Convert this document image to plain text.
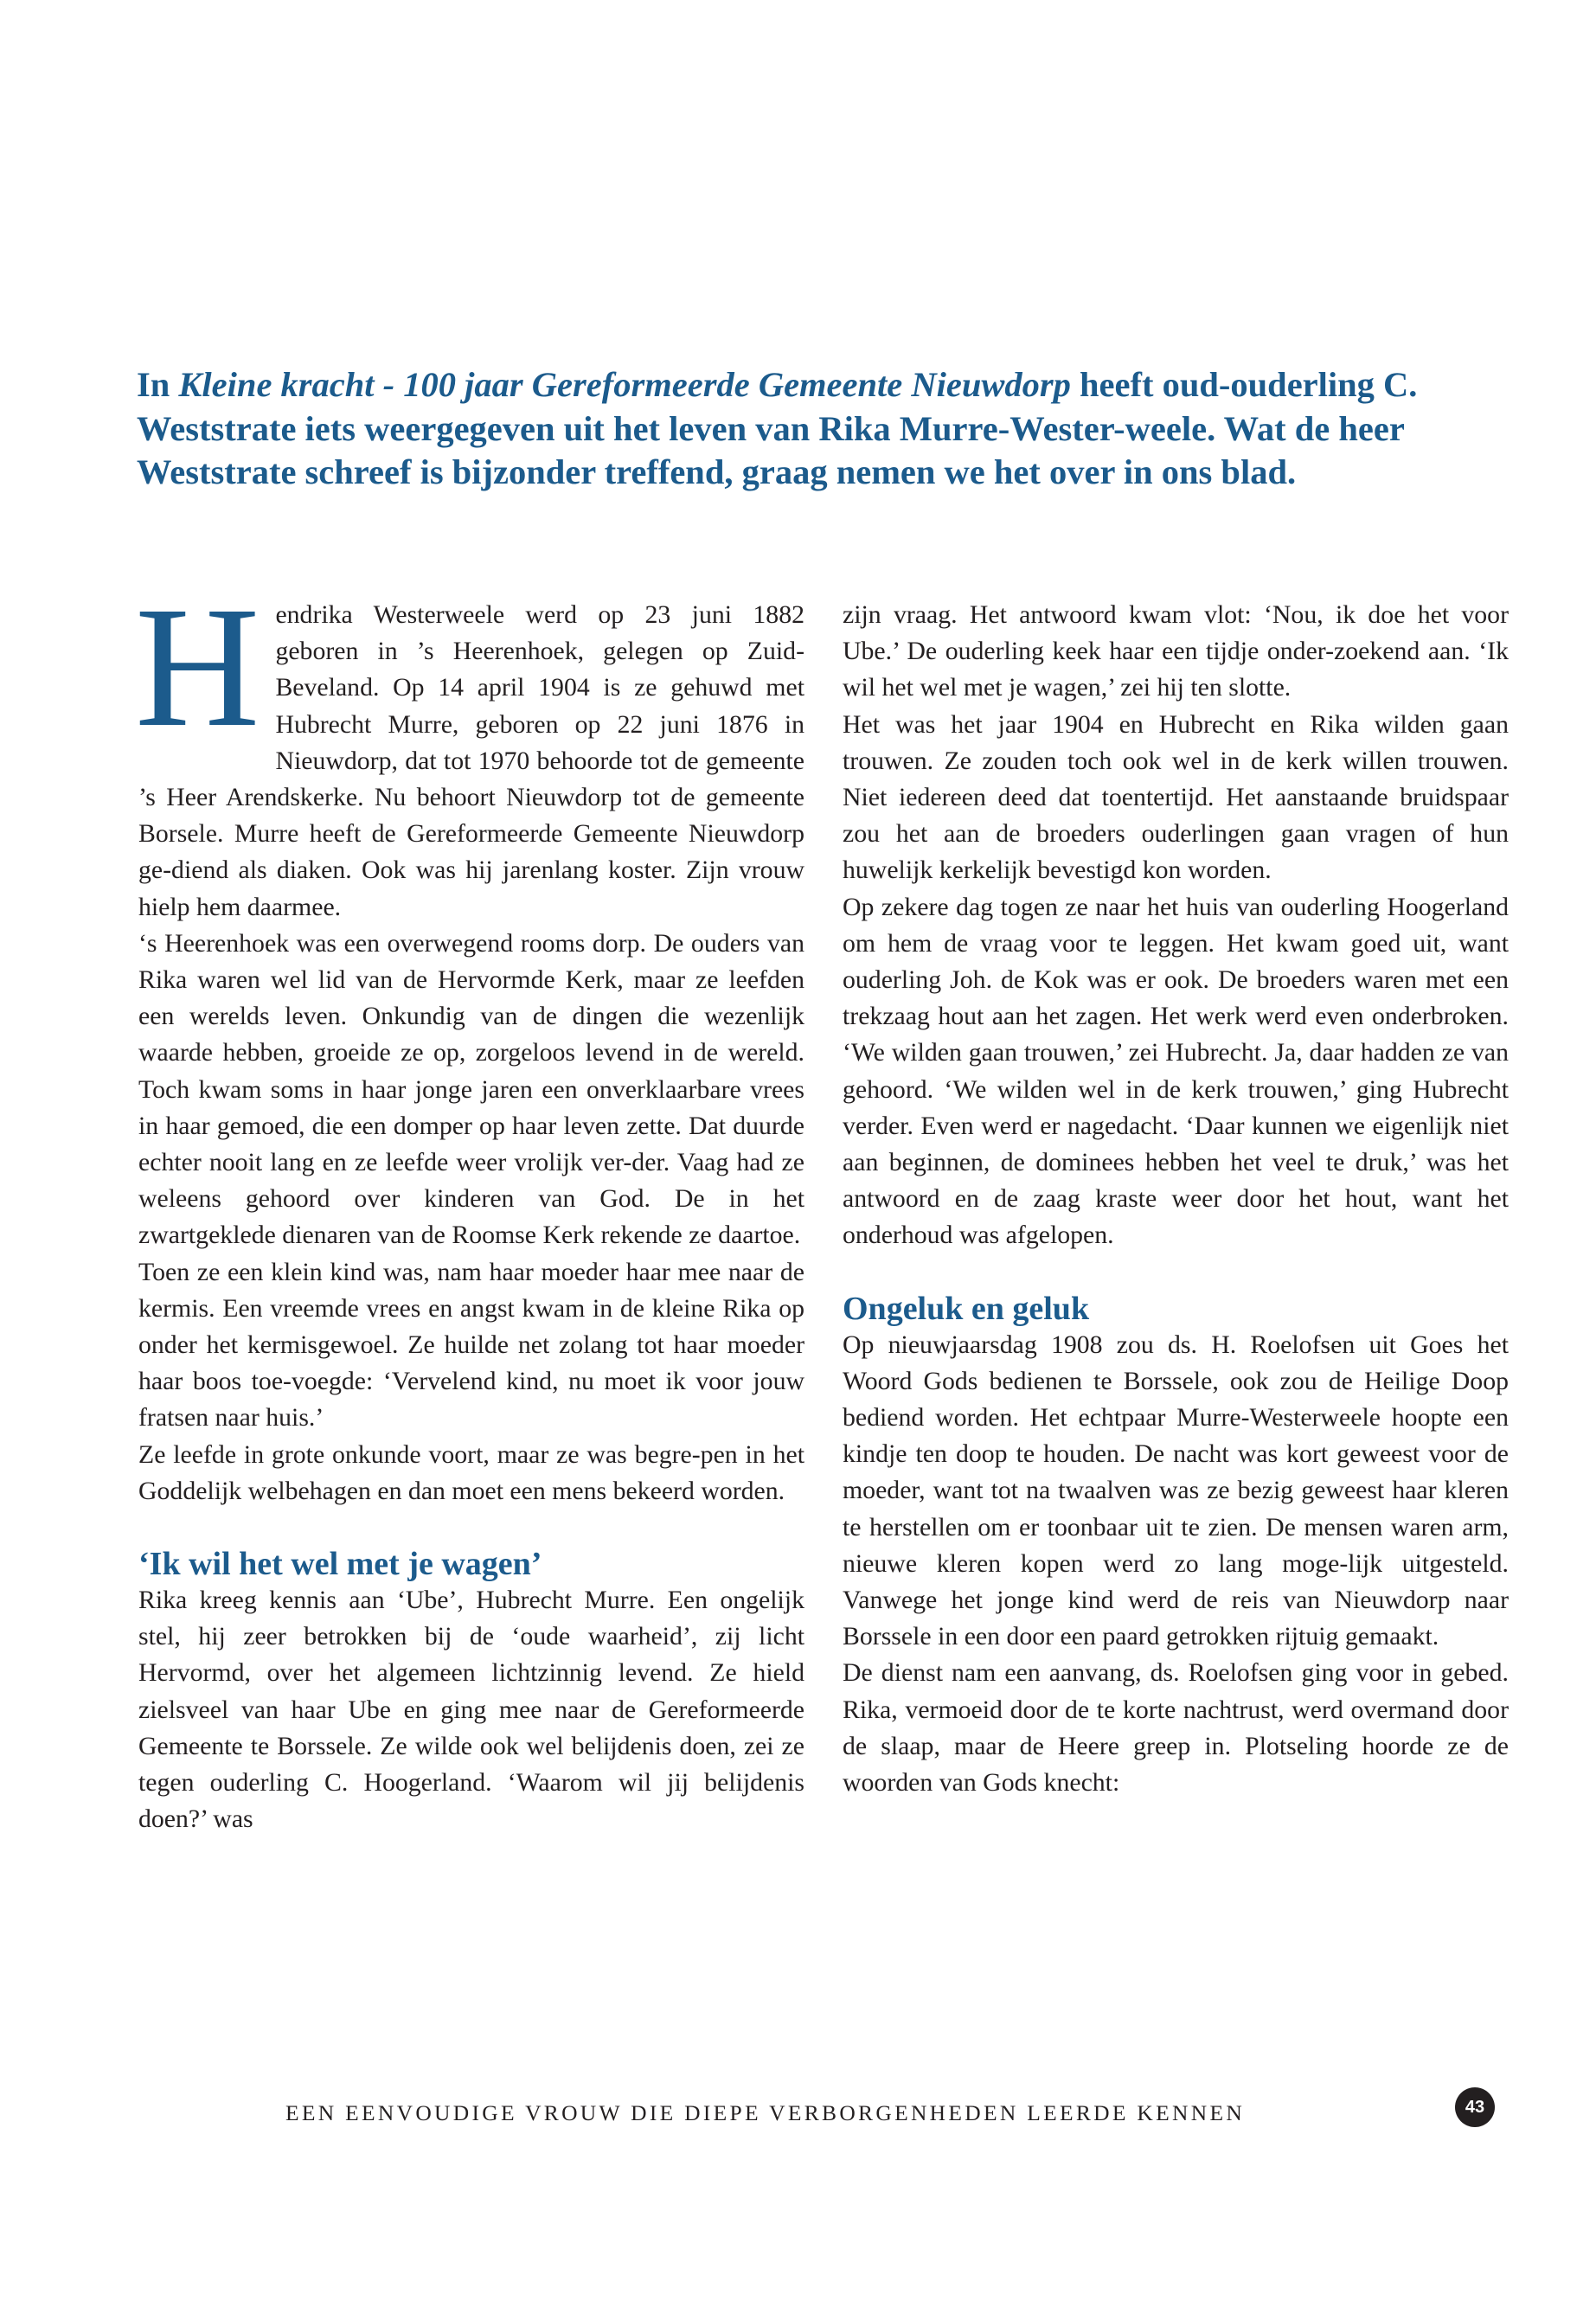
In Kleine kracht - 100 jaar Gereformeerde Gemeente Nieuwdorp heeft oud-ouderling C. Weststrate iets weergegeven uit het leven van Rika Murre-Wester-weele. Wat de heer Weststrate schreef is bijzonder treffend, graag nemen we het over in ons blad.

H endrika Westerweele werd op 23 juni 1882 geboren in ’s Heerenhoek, gelegen op Zuid-Beveland. Op 14 april 1904 is ze gehuwd met Hubrecht Murre, geboren op 22 juni 1876 in Nieuwdorp, dat tot 1970 behoorde tot de gemeente ’s Heer Arendskerke. Nu behoort Nieuwdorp tot de gemeente Borsele. Murre heeft de Gereformeerde Gemeente Nieuwdorp ge-diend als diaken. Ook was hij jarenlang koster. Zijn vrouw hielp hem daarmee.

‘s Heerenhoek was een overwegend rooms dorp. De ouders van Rika waren wel lid van de Hervormde Kerk, maar ze leefden een werelds leven. Onkundig van de dingen die wezenlijk waarde hebben, groeide ze op, zorgeloos levend in de wereld. Toch kwam soms in haar jonge jaren een onverklaarbare vrees in haar gemoed, die een domper op haar leven zette. Dat duurde echter nooit lang en ze leefde weer vrolijk ver-der. Vaag had ze weleens gehoord over kinderen van God. De in het zwartgeklede dienaren van de Roomse Kerk rekende ze daartoe.

Toen ze een klein kind was, nam haar moeder haar mee naar de kermis. Een vreemde vrees en angst kwam in de kleine Rika op onder het kermisgewoel. Ze huilde net zolang tot haar moeder haar boos toe-voegde: ‘Vervelend kind, nu moet ik voor jouw fratsen naar huis.’

Ze leefde in grote onkunde voort, maar ze was begre-pen in het Goddelijk welbehagen en dan moet een mens bekeerd worden.

‘Ik wil het wel met je wagen’

Rika kreeg kennis aan ‘Ube’, Hubrecht Murre. Een ongelijk stel, hij zeer betrokken bij de ‘oude waarheid’, zij licht Hervormd, over het algemeen lichtzinnig levend. Ze hield zielsveel van haar Ube en ging mee naar de Gereformeerde Gemeente te Borssele. Ze wilde ook wel belijdenis doen, zei ze tegen ouderling C. Hoogerland. ‘Waarom wil jij belijdenis doen?’ was

zijn vraag. Het antwoord kwam vlot: ‘Nou, ik doe het voor Ube.’ De ouderling keek haar een tijdje onder-zoekend aan. ‘Ik wil het wel met je wagen,’ zei hij ten slotte.

Het was het jaar 1904 en Hubrecht en Rika wilden gaan trouwen. Ze zouden toch ook wel in de kerk willen trouwen. Niet iedereen deed dat toentertijd. Het aanstaande bruidspaar zou het aan de broeders ouderlingen gaan vragen of hun huwelijk kerkelijk bevestigd kon worden.

Op zekere dag togen ze naar het huis van ouderling Hoogerland om hem de vraag voor te leggen. Het kwam goed uit, want ouderling Joh. de Kok was er ook. De broeders waren met een trekzaag hout aan het zagen. Het werk werd even onderbroken. ‘We wilden gaan trouwen,’ zei Hubrecht. Ja, daar hadden ze van gehoord. ‘We wilden wel in de kerk trouwen,’ ging Hubrecht verder. Even werd er nagedacht. ‘Daar kunnen we eigenlijk niet aan beginnen, de dominees hebben het veel te druk,’ was het antwoord en de zaag kraste weer door het hout, want het onderhoud was afgelopen.

Ongeluk en geluk

Op nieuwjaarsdag 1908 zou ds. H. Roelofsen uit Goes het Woord Gods bedienen te Borssele, ook zou de Heilige Doop bediend worden. Het echtpaar Murre-Westerweele hoopte een kindje ten doop te houden. De nacht was kort geweest voor de moeder, want tot na twaalven was ze bezig geweest haar kleren te herstellen om er toonbaar uit te zien. De mensen waren arm, nieuwe kleren kopen werd zo lang moge-lijk uitgesteld. Vanwege het jonge kind werd de reis van Nieuwdorp naar Borssele in een door een paard getrokken rijtuig gemaakt.

De dienst nam een aanvang, ds. Roelofsen ging voor in gebed. Rika, vermoeid door de te korte nachtrust, werd overmand door de slaap, maar de Heere greep in. Plotseling hoorde ze de woorden van Gods knecht:

EEN EENVOUDIGE VROUW DIE DIEPE VERBORGENHEDEN LEERDE KENNEN	43
